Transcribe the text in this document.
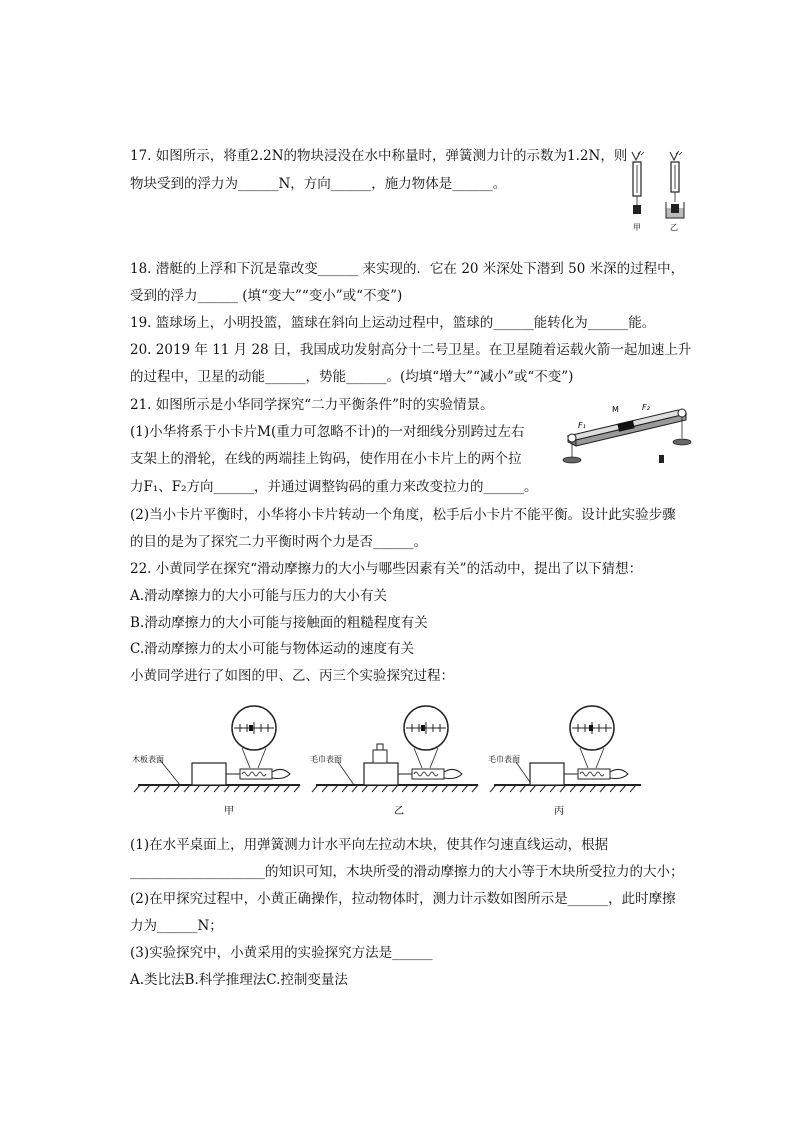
17. 如图所示，将重2.2N的物块浸没在水中称量时，弹簧测力计的示数为1.2N，则
物块受到的浮力为______N，方向______，施力物体是______。
甲	乙
18. 潜艇的上浮和下沉是靠改变______ 来实现的．它在 20 米深处下潜到 50 米深的过程中，
受到的浮力______ (填“变大”“变小”或“不变”)
19. 篮球场上，小明投篮，篮球在斜向上运动过程中，篮球的______能转化为______能。
20. 2019 年 11 月 28 日，我国成功发射高分十二号卫星。在卫星随着运载火箭一起加速上升
的过程中，卫星的动能______，势能______。(均填“增大”“减小”或“不变”)
21. 如图所示是小华同学探究“二力平衡条件”时的实验情景。
(1)小华将系于小卡片M(重力可忽略不计)的一对细线分别跨过左右
支架上的滑轮，在线的两端挂上钩码，使作用在小卡片上的两个拉
力F₁、F₂方向______，并通过调整钩码的重力来改变拉力的______。
(2)当小卡片平衡时，小华将小卡片转动一个角度，松手后小卡片不能平衡。设计此实验步骤
的目的是为了探究二力平衡时两个力是否______。
M
F₁
F₂
22. 小黄同学在探究“滑动摩擦力的大小与哪些因素有关”的活动中，提出了以下猜想：
A.滑动摩擦力的大小可能与压力的大小有关
B.滑动摩擦力的大小可能与接触面的粗糙程度有关
C.滑动摩擦力的太小可能与物体运动的速度有关
小黄同学进行了如图的甲、乙、丙三个实验探究过程：
木板表面
甲
毛巾表面
乙
毛巾表面
丙
(1)在水平桌面上，用弹簧测力计水平向左拉动木块，使其作匀速直线运动，根据
____________________的知识可知，木块所受的滑动摩擦力的大小等于木块所受拉力的大小；
(2)在甲探究过程中，小黄正确操作，拉动物体时，测力计示数如图所示是______，此时摩擦
力为______N；
(3)实验探究中，小黄采用的实验探究方法是______
A.类比法B.科学推理法C.控制变量法
